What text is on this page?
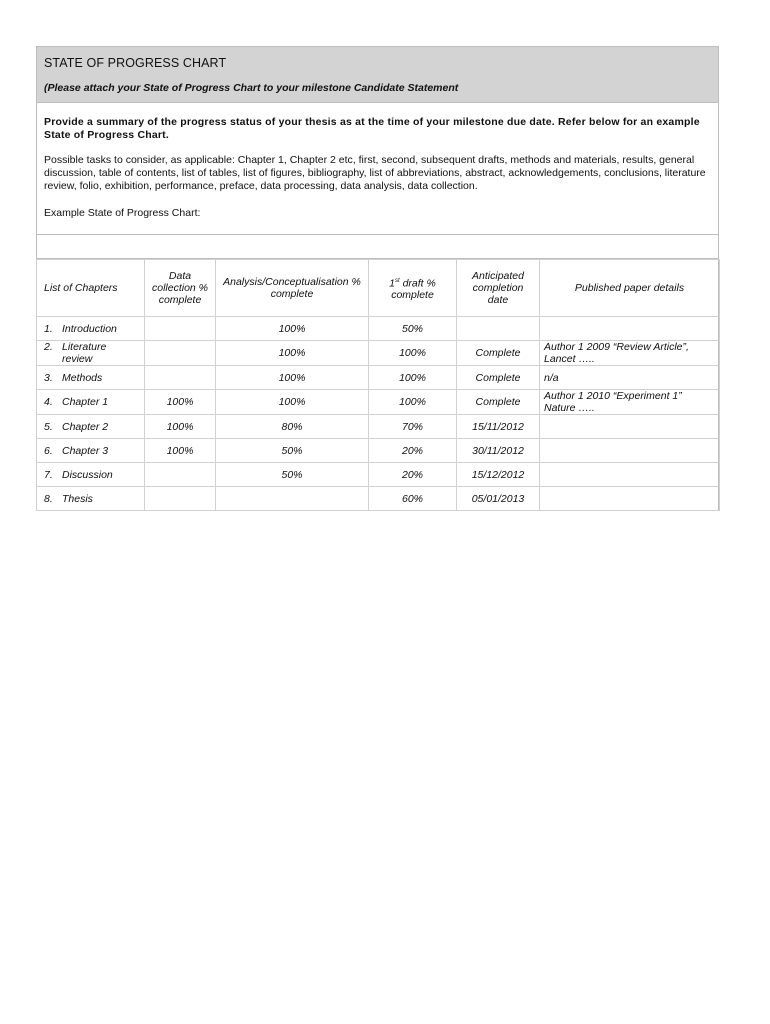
STATE OF PROGRESS CHART
(Please attach your State of Progress Chart to your milestone Candidate Statement
Provide a summary of the progress status of your thesis as at the time of your milestone due date. Refer below for an example State of Progress Chart.
Possible tasks to consider, as applicable: Chapter 1, Chapter 2 etc, first, second, subsequent drafts, methods and materials, results, general discussion, table of contents, list of tables, list of figures, bibliography, list of abbreviations, abstract, acknowledgements, conclusions, literature review, folio, exhibition, performance, preface, data processing, data analysis, data collection.
Example State of Progress Chart:
List of Chapters	Data collection % complete	Analysis/Conceptualisation % complete	1st draft % complete	Anticipated completion date	Published paper details

1. Introduction		100%	50%		

2. Literature review		100%	100%	Complete	Author 1 2009 “Review Article”, Lancet …..

3. Methods		100%	100%	Complete	n/a

4. Chapter 1	100%	100%	100%	Complete	Author 1 2010 “Experiment 1” Nature …..

5. Chapter 2	100%	80%	70%	15/11/2012	

6. Chapter 3	100%	50%	20%	30/11/2012	

7. Discussion		50%	20%	15/12/2012	

8. Thesis			60%	05/01/2013	
